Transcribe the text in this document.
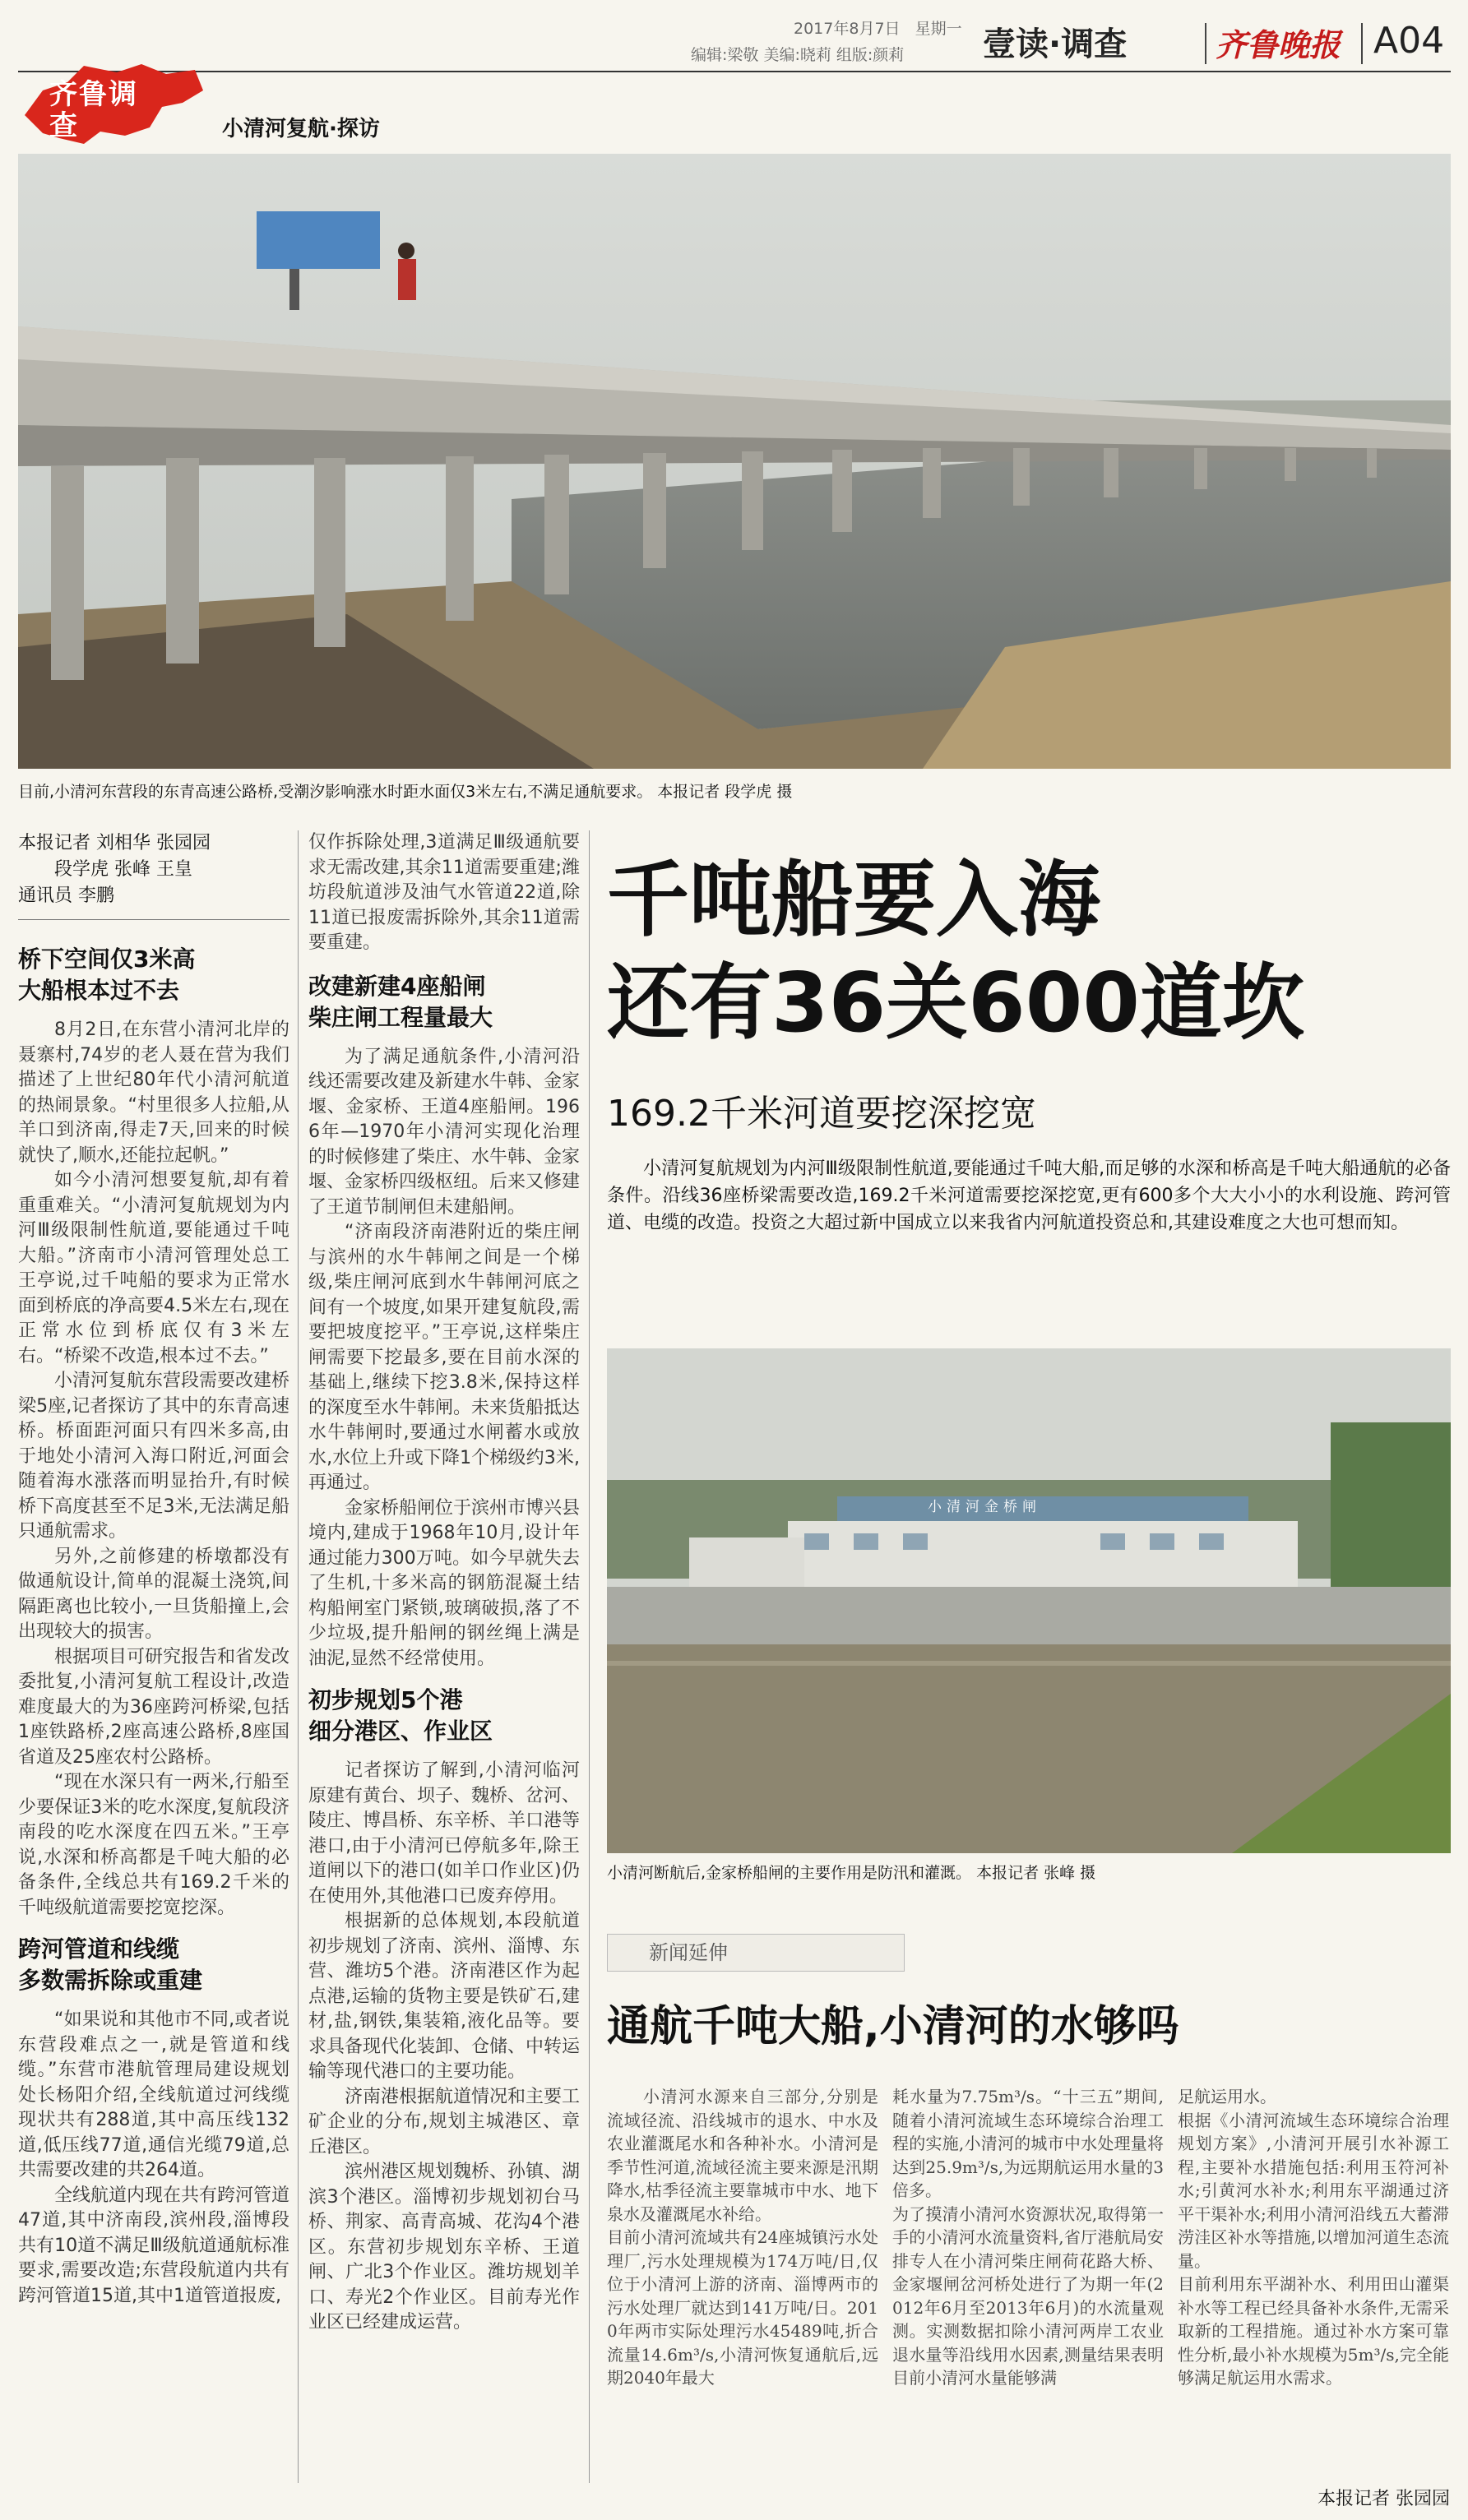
2017年8月7日 星期一
编辑:梁敬 美编:晓莉 组版:颜莉 壹读·调查	齐鲁晚报 A04
齐鲁调查	小清河复航·探访
目前,小清河东营段的东青高速公路桥,受潮汐影响涨水时距水面仅3米左右,不满足通航要求。 本报记者 段学虎 摄
千吨船要入海
还有36关600道坎
169.2千米河道要挖深挖宽

小清河复航规划为内河Ⅲ级限制性航道,要能通过千吨大船,而足够的水深和桥高是千吨大船通航的必备条件。沿线36座桥梁需要改造,169.2千米河道需要挖深挖宽,更有600多个大大小小的水利设施、跨河管道、电缆的改造。投资之大超过新中国成立以来我省内河航道投资总和,其建设难度之大也可想而知。

本报记者 刘相华 张园园
段学虎 张峰 王皇
通讯员 李鹏
桥下空间仅3米高
大船根本过不去

8月2日,在东营小清河北岸的聂寨村,74岁的老人聂在营为我们描述了上世纪80年代小清河航道的热闹景象。“村里很多人拉船,从羊口到济南,得走7天,回来的时候就快了,顺水,还能拉起帆。”

如今小清河想要复航,却有着重重难关。“小清河复航规划为内河Ⅲ级限制性航道,要能通过千吨大船。”济南市小清河管理处总工王亭说,过千吨船的要求为正常水面到桥底的净高要4.5米左右,现在正常水位到桥底仅有3米左右。“桥梁不改造,根本过不去。”

小清河复航东营段需要改建桥梁5座,记者探访了其中的东青高速桥。桥面距河面只有四米多高,由于地处小清河入海口附近,河面会随着海水涨落而明显抬升,有时候桥下高度甚至不足3米,无法满足船只通航需求。

另外,之前修建的桥墩都没有做通航设计,简单的混凝土浇筑,间隔距离也比较小,一旦货船撞上,会出现较大的损害。

根据项目可研究报告和省发改委批复,小清河复航工程设计,改造难度最大的为36座跨河桥梁,包括1座铁路桥,2座高速公路桥,8座国省道及25座农村公路桥。

“现在水深只有一两米,行船至少要保证3米的吃水深度,复航段济南段的吃水深度在四五米。”王亭说,水深和桥高都是千吨大船的必备条件,全线总共有169.2千米的千吨级航道需要挖宽挖深。

跨河管道和线缆
多数需拆除或重建

“如果说和其他市不同,或者说东营段难点之一,就是管道和线缆。”东营市港航管理局建设规划处长杨阳介绍,全线航道过河线缆现状共有288道,其中高压线132道,低压线77道,通信光缆79道,总共需要改建的共264道。

全线航道内现在共有跨河管道47道,其中济南段,滨州段,淄博段共有10道不满足Ⅲ级航道通航标准要求,需要改造;东营段航道内共有跨河管道15道,其中1道管道报废,

仅作拆除处理,3道满足Ⅲ级通航要求无需改建,其余11道需要重建;潍坊段航道涉及油气水管道22道,除11道已报废需拆除外,其余11道需要重建。

改建新建4座船闸
柴庄闸工程量最大

为了满足通航条件,小清河沿线还需要改建及新建水牛韩、金家堰、金家桥、王道4座船闸。1966年—1970年小清河实现化治理的时候修建了柴庄、水牛韩、金家堰、金家桥四级枢纽。后来又修建了王道节制闸但未建船闸。

“济南段济南港附近的柴庄闸与滨州的水牛韩闸之间是一个梯级,柴庄闸河底到水牛韩闸河底之间有一个坡度,如果开建复航段,需要把坡度挖平。”王亭说,这样柴庄闸需要下挖最多,要在目前水深的基础上,继续下挖3.8米,保持这样的深度至水牛韩闸。未来货船抵达水牛韩闸时,要通过水闸蓄水或放水,水位上升或下降1个梯级约3米,再通过。

金家桥船闸位于滨州市博兴县境内,建成于1968年10月,设计年通过能力300万吨。如今早就失去了生机,十多米高的钢筋混凝土结构船闸室门紧锁,玻璃破损,落了不少垃圾,提升船闸的钢丝绳上满是油泥,显然不经常使用。

初步规划5个港
细分港区、作业区

记者探访了解到,小清河临河原建有黄台、坝子、魏桥、岔河、陵庄、博昌桥、东辛桥、羊口港等港口,由于小清河已停航多年,除王道闸以下的港口(如羊口作业区)仍在使用外,其他港口已废弃停用。

根据新的总体规划,本段航道初步规划了济南、滨州、淄博、东营、潍坊5个港。济南港区作为起点港,运输的货物主要是铁矿石,建材,盐,钢铁,集装箱,液化品等。要求具备现代化装卸、仓储、中转运输等现代港口的主要功能。

济南港根据航道情况和主要工矿企业的分布,规划主城港区、章丘港区。

滨州港区规划魏桥、孙镇、湖滨3个港区。淄博初步规划初台马桥、荆家、高青高城、花沟4个港区。东营初步规划东辛桥、王道闸、广北3个作业区。潍坊规划羊口、寿光2个作业区。目前寿光作业区已经建成运营。

小清河金桥闸
小清河断航后,金家桥船闸的主要作用是防汛和灌溉。 本报记者 张峰 摄
新闻延伸
通航千吨大船,小清河的水够吗

小清河水源来自三部分,分别是流域径流、沿线城市的退水、中水及农业灌溉尾水和各种补水。小清河是季节性河道,流域径流主要来源是汛期降水,枯季径流主要靠城市中水、地下泉水及灌溉尾水补给。
目前小清河流域共有24座城镇污水处理厂,污水处理规模为174万吨/日,仅位于小清河上游的济南、淄博两市的污水处理厂就达到141万吨/日。2010年两市实际处理污水45489吨,折合流量14.6m³/s,小清河恢复通航后,远期2040年最大

耗水量为7.75m³/s。“十三五”期间,随着小清河流域生态环境综合治理工程的实施,小清河的城市中水处理量将达到25.9m³/s,为远期航运用水量的3倍多。
为了摸清小清河水资源状况,取得第一手的小清河水流量资料,省厅港航局安排专人在小清河柴庄闸荷花路大桥、金家堰闸岔河桥处进行了为期一年(2012年6月至2013年6月)的水流量观测。实测数据扣除小清河两岸工农业退水量等沿线用水因素,测量结果表明目前小清河水量能够满

足航运用水。
根据《小清河流域生态环境综合治理规划方案》,小清河开展引水补源工程,主要补水措施包括:利用玉符河补水;引黄河水补水;利用东平湖通过济平干渠补水;利用小清河沿线五大蓄滞涝洼区补水等措施,以增加河道生态流量。
目前利用东平湖补水、利用田山灌渠补水等工程已经具备补水条件,无需采取新的工程措施。通过补水方案可靠性分析,最小补水规模为5m³/s,完全能够满足航运用水需求。

本报记者 张园园
